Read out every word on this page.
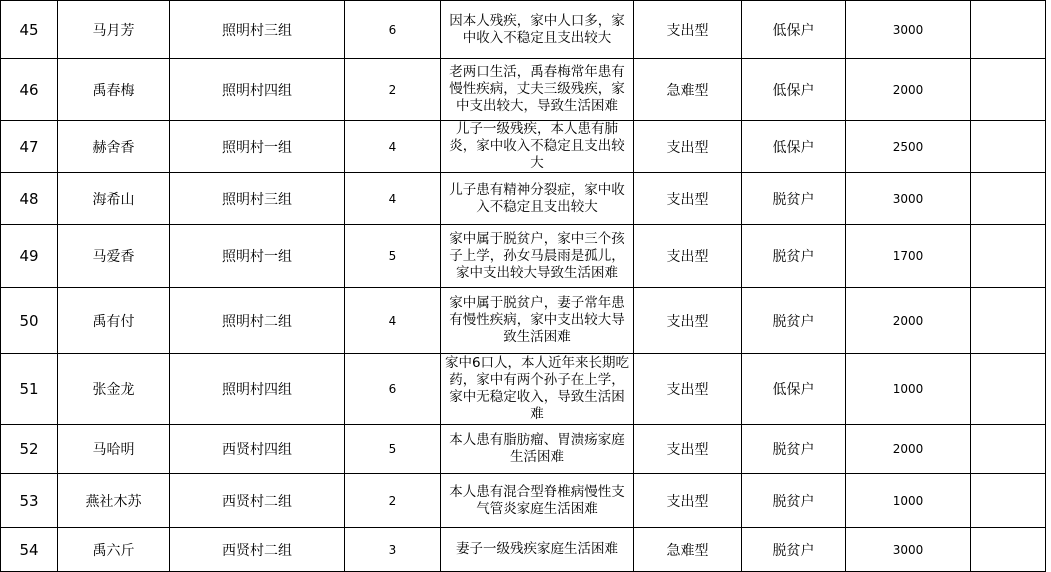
45	马月芳	照明村三组	6	因本人残疾，家中人口多，家中收入不稳定且支出较大	支出型	低保户	3000	
46	禹春梅	照明村四组	2	老两口生活，禹春梅常年患有慢性疾病，丈夫三级残疾，家中支出较大，导致生活困难	急难型	低保户	2000	
47	赫舍香	照明村一组	4	儿子一级残疾，本人患有肺炎，家中收入不稳定且支出较大	支出型	低保户	2500	
48	海希山	照明村三组	4	儿子患有精神分裂症，家中收入不稳定且支出较大	支出型	脱贫户	3000	
49	马爱香	照明村一组	5	家中属于脱贫户，家中三个孩子上学，孙女马晨雨是孤儿，家中支出较大导致生活困难	支出型	脱贫户	1700	
50	禹有付	照明村二组	4	家中属于脱贫户，妻子常年患有慢性疾病，家中支出较大导致生活困难	支出型	脱贫户	2000	
51	张金龙	照明村四组	6	家中6口人，本人近年来长期吃药，家中有两个孙子在上学，家中无稳定收入，导致生活困难	支出型	低保户	1000	
52	马哈明	西贤村四组	5	本人患有脂肪瘤、胃溃疡家庭生活困难	支出型	脱贫户	2000	
53	燕社木苏	西贤村二组	2	本人患有混合型脊椎病慢性支气管炎家庭生活困难	支出型	脱贫户	1000	
54	禹六斤	西贤村二组	3	妻子一级残疾家庭生活困难	急难型	脱贫户	3000	
